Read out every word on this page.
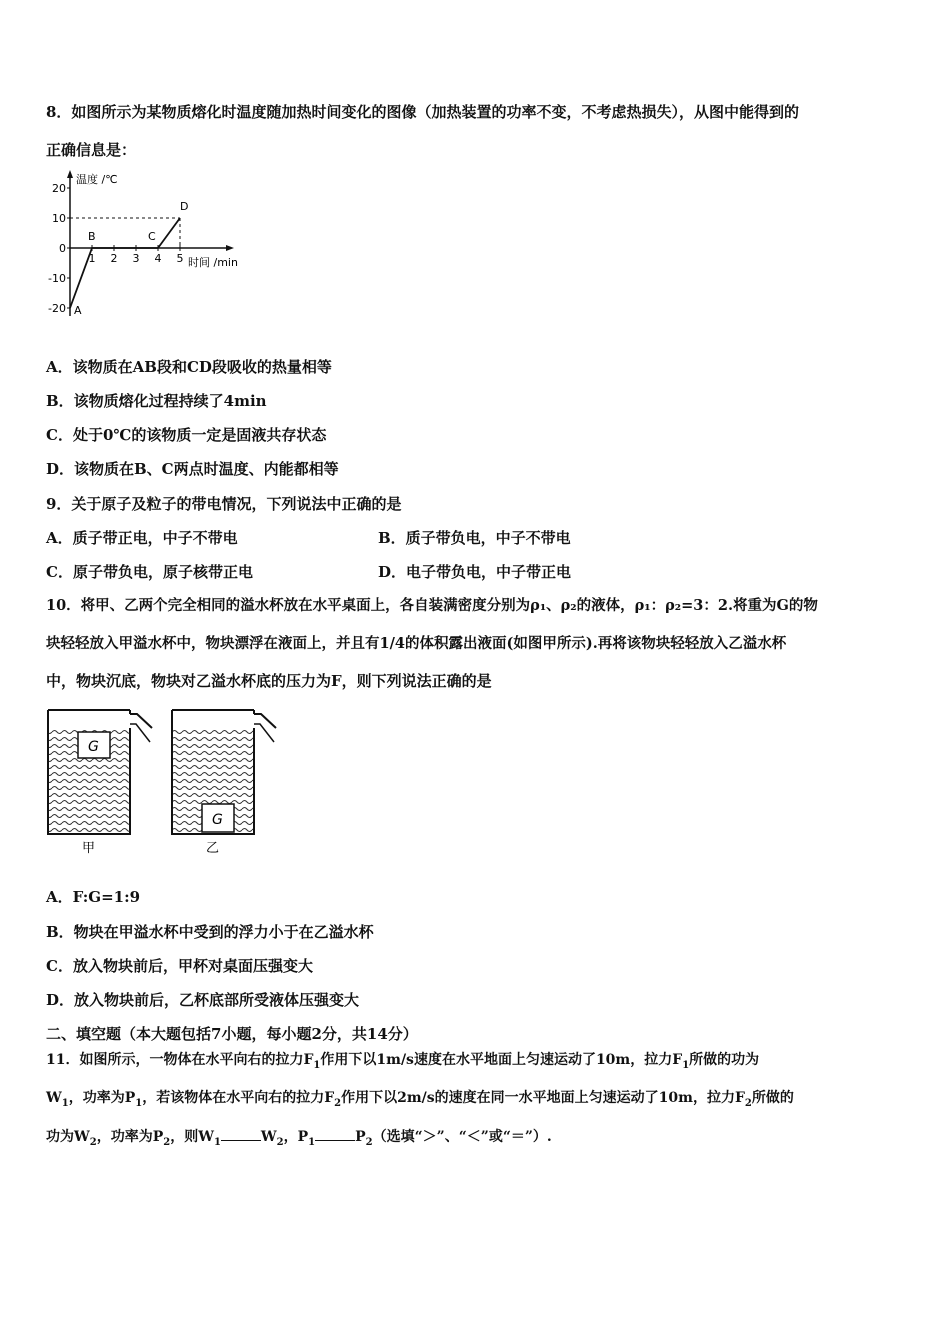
8．如图所示为某物质熔化时温度随加热时间变化的图像（加热装置的功率不变，不考虑热损失），从图中能得到的
正确信息是：
温度 /℃
时间 /min
20
10
0
-10
-20
1 2 3 4 5
A
B	C
D
A．该物质在AB段和CD段吸收的热量相等
B．该物质熔化过程持续了4min
C．处于0℃的该物质一定是固液共存状态
D．该物质在B、C两点时温度、内能都相等
9．关于原子及粒子的带电情况，下列说法中正确的是
A．质子带正电，中子不带电	B．质子带负电，中子不带电
C．原子带负电，原子核带正电	D．电子带负电，中子带正电
10．将甲、乙两个完全相同的溢水杯放在水平桌面上，各自装满密度分别为ρ₁、ρ₂的液体，ρ₁：ρ₂=3：2.将重为G的物
块轻轻放入甲溢水杯中，物块漂浮在液面上，并且有1/4的体积露出液面(如图甲所示).再将该物块轻轻放入乙溢水杯
中，物块沉底，物块对乙溢水杯底的压力为F，则下列说法正确的是
G
甲
G
乙
A．F:G=1:9
B．物块在甲溢水杯中受到的浮力小于在乙溢水杯
C．放入物块前后，甲杯对桌面压强变大
D．放入物块前后，乙杯底部所受液体压强变大
二、填空题（本大题包括7小题，每小题2分，共14分）
11．如图所示，一物体在水平向右的拉力$F_1$作用下以1m/s速度在水平地面上匀速运动了10m，拉力$F_1$所做的功为
$W_1$，功率为$P_1$，若该物体在水平向右的拉力$F_2$作用下以2m/s的速度在同一水平地面上匀速运动了10m，拉力$F_2$所做的
功为$W_2$，功率为$P_2$，则$W_1$	$W_2$，$P_1$	$P_2$（选填“＞”、“＜”或“＝”）.
